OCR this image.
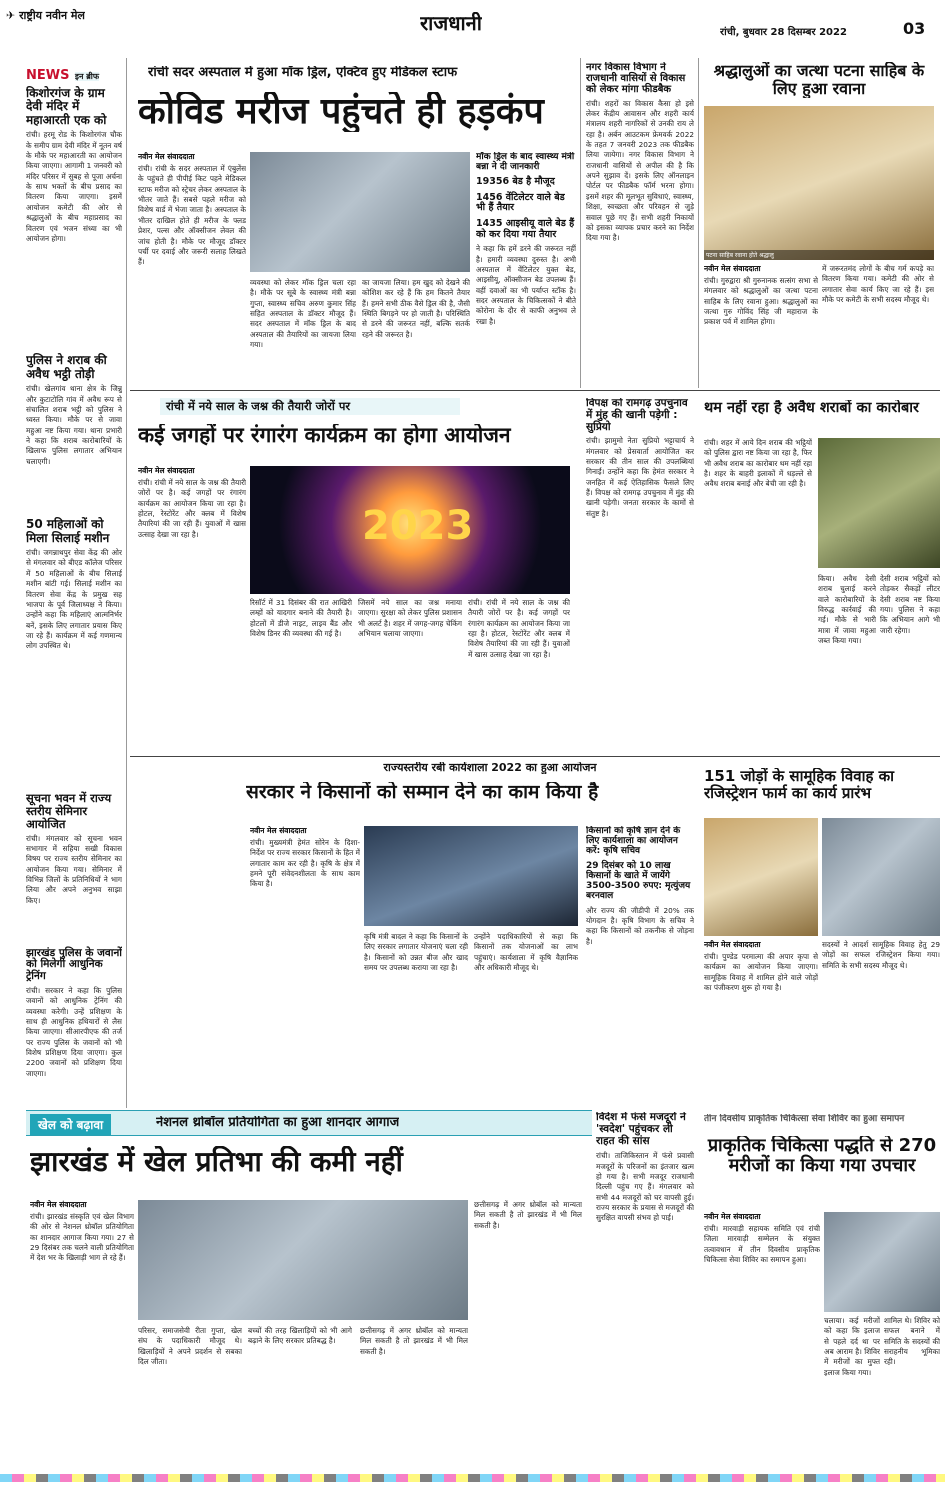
✈ राष्ट्रीय नवीन मेल	राजधानी	रांची, बुधवार 28 दिसम्बर 2022	03
NEWS इन ब्रीफ
किशोरगंज के ग्राम देवी मंदिर में महाआरती एक को
रांची। हरमू रोड के किशोरगंज चौक के समीप ग्राम देवी मंदिर में नूतन वर्ष के मौके पर महाआरती का आयोजन किया जाएगा। आगामी 1 जनवरी को मंदिर परिसर में सुबह से पूजा अर्चना के साथ भक्तों के बीच प्रसाद का वितरण किया जाएगा। इसमें आयोजन कमेटी की ओर से श्रद्धालुओं के बीच महाप्रसाद का वितरण एवं भजन संध्या का भी आयोजन होगा।
पुलिस ने शराब की अवैध भट्ठी तोड़ी
रांची। खेलगांव थाना क्षेत्र के जिन्नु और कुटाटोलि गांव में अवैध रूप से संचालित शराब भट्ठी को पुलिस ने ध्वस्त किया। मौके पर से जावा महुआ नष्ट किया गया। थाना प्रभारी ने कहा कि शराब कारोबारियों के खिलाफ पुलिस लगातार अभियान चलाएगी।
50 महिलाओं को मिला सिलाई मशीन
रांची। जगन्नाथपुर सेवा केंद्र की ओर से मंगलवार को बीएड कॉलेज परिसर में 50 महिलाओं के बीच सिलाई मशीन बांटी गई। सिलाई मशीन का वितरण सेवा केंद्र के प्रमुख सह भाजपा के पूर्व जिलाध्यक्ष ने किया। उन्होंने कहा कि महिलाएं आत्मनिर्भर बनें, इसके लिए लगातार प्रयास किए जा रहे हैं। कार्यक्रम में कई गणमान्य लोग उपस्थित थे।
सूचना भवन में राज्य स्तरीय सेमिनार आयोजित
रांची। मंगलवार को सूचना भवन सभागार में सहिया सखी विकास विषय पर राज्य स्तरीय सेमिनार का आयोजन किया गया। सेमिनार में विभिन्न जिलों के प्रतिनिधियों ने भाग लिया और अपने अनुभव साझा किए।
झारखंड पुलिस के जवानों को मिलेगी आधुनिक ट्रेनिंग
रांची। सरकार ने कहा कि पुलिस जवानों को आधुनिक ट्रेनिंग की व्यवस्था करेगी। उन्हें प्रशिक्षण के साथ ही आधुनिक हथियारों से लैस किया जाएगा। सीआरपीएफ की तर्ज पर राज्य पुलिस के जवानों को भी विशेष प्रशिक्षण दिया जाएगा। कुल 2200 जवानों को प्रशिक्षण दिया जाएगा।
रांची सदर अस्पताल में हुआ मॉक ड्रिल, एक्टिव हुए मेडिकल स्टाफ
कोविड मरीज पहुंचते ही हड़कंप
नवीन मेल संवाददाता
रांची। रांची के सदर अस्पताल में एंबुलेंस के पहुंचते ही पीपीई किट पहने मेडिकल स्टाफ मरीज को स्ट्रेचर लेकर अस्पताल के भीतर जाते हैं। सबसे पहले मरीज को विशेष वार्ड में भेजा जाता है। अस्पताल के भीतर दाखिल होते ही मरीज के फ्लड प्रेशर, पल्स और ऑक्सीजन लेवल की जांच होती है। मौके पर मौजूद डॉक्टर पर्ची पर दवाई और जरूरी सलाह लिखते हैं।
व्यवस्था को लेकर मॉक ड्रिल चला रहा है। मौके पर सूबे के स्वास्थ्य मंत्री बन्ना गुप्ता, स्वास्थ्य सचिव अरुण कुमार सिंह सहित अस्पताल के डॉक्टर मौजूद हैं। सदर अस्पताल में मॉक ड्रिल के बाद अस्पताल की तैयारियों का जायजा लिया गया।
का जायजा लिया। हम खुद को देखने की कोशिश कर रहे हैं कि हम कितने तैयार हैं। हमने सभी ठीक वैसे ड्रिल की है, जैसी स्थिति बिगड़ने पर हो जाती है। परिस्थिति से डरने की जरूरत नहीं, बल्कि सतर्क रहने की जरूरत है।
मॉक ड्रिल के बाद स्वास्थ्य मंत्री बन्ना ने दी जानकारी
19356 बेड है मौजूद
1456 वेंटिलेटर वाले बेड भी हैं तैयार
1435 आइसीयू वाले बेड हैं को कर दिया गया तैयार
ने कहा कि हमें डरने की जरूरत नहीं है। हमारी व्यवस्था दुरुस्त है। अभी अस्पताल में वेंटिलेटर युक्त बेड, आइसीयू, ऑक्सीजन बेड उपलब्ध हैं। वहीं दवाओं का भी पर्याप्त स्टॉक है। सदर अस्पताल के चिकित्सकों ने बीते कोरोना के दौर से काफी अनुभव ले रखा है।
नगर विकास विभाग ने राजधानी वासियों से विकास को लेकर मांगा फीडबैक
रांची। शहरों का विकास कैसा हो इसे लेकर केंद्रीय आवासन और शहरी कार्य मंत्रालय शहरी नागरिकों से उनकी राय ले रहा है। अर्बन आउटकम फ्रेमवर्क 2022 के तहत 7 जनवरी 2023 तक फीडबैक लिया जायेगा। नगर विकास विभाग ने राजधानी वासियों से अपील की है कि अपने सुझाव दें। इसके लिए ऑनलाइन पोर्टल पर फीडबैक फॉर्म भरना होगा। इसमें शहर की मूलभूत सुविधाएं, स्वास्थ्य, शिक्षा, स्वच्छता और परिवहन से जुड़े सवाल पूछे गए हैं। सभी शहरी निकायों को इसका व्यापक प्रचार करने का निर्देश दिया गया है।
श्रद्धालुओं का जत्था पटना साहिब के लिए हुआ रवाना
पटना साहिब रवाना होते श्रद्धालु
नवीन मेल संवाददाता
रांची। गुरुद्वारा श्री गुरुनानक सत्संग सभा से मंगलवार को श्रद्धालुओं का जत्था पटना साहिब के लिए रवाना हुआ। श्रद्धालुओं का जत्था गुरु गोविंद सिंह जी महाराज के प्रकाश पर्व में शामिल होगा।
में जरूरतमंद लोगों के बीच गर्म कपड़े का वितरण किया गया। कमेटी की ओर से लगातार सेवा कार्य किए जा रहे हैं। इस मौके पर कमेटी के सभी सदस्य मौजूद थे।
रांची में नये साल के जश्न की तैयारी जोरों पर
कई जगहों पर रंगारंग कार्यक्रम का होगा आयोजन
नवीन मेल संवाददाता
रांची। रांची में नये साल के जश्न की तैयारी जोरों पर है। कई जगहों पर रंगारंग कार्यक्रम का आयोजन किया जा रहा है। होटल, रेस्टोरेंट और क्लब में विशेष तैयारियां की जा रही हैं। युवाओं में खास उत्साह देखा जा रहा है।	2023
रिसॉर्ट में 31 दिसंबर की रात आखिरी लम्हों को यादगार बनाने की तैयारी है। होटलों में डीजे नाइट, लाइव बैंड और विशेष डिनर की व्यवस्था की गई है।
जिसमें नये साल का जश्न मनाया जाएगा। सुरक्षा को लेकर पुलिस प्रशासन भी अलर्ट है। शहर में जगह-जगह चेकिंग अभियान चलाया जाएगा।
रांची। रांची में नये साल के जश्न की तैयारी जोरों पर है। कई जगहों पर रंगारंग कार्यक्रम का आयोजन किया जा रहा है। होटल, रेस्टोरेंट और क्लब में विशेष तैयारियां की जा रही हैं। युवाओं में खास उत्साह देखा जा रहा है।
विपक्ष को रामगढ़ उपचुनाव में मुंह की खानी पड़ेगी : सुप्रियो
रांची। झामुमो नेता सुप्रियो भट्टाचार्य ने मंगलवार को प्रेसवार्ता आयोजित कर सरकार की तीन साल की उपलब्धियां गिनाईं। उन्होंने कहा कि हेमंत सरकार ने जनहित में कई ऐतिहासिक फैसले लिए हैं। विपक्ष को रामगढ़ उपचुनाव में मुंह की खानी पड़ेगी। जनता सरकार के कामों से संतुष्ट है।
थम नहीं रहा है अवैध शराबों का कारोबार
रांची। शहर में आये दिन शराब की भट्ठियों को पुलिस द्वारा नष्ट किया जा रहा है, फिर भी अवैध शराब का कारोबार थम नहीं रहा है। शहर के बाहरी इलाकों में धड़ल्ले से अवैध शराब बनाई और बेची जा रही है।
किया। अवैध देसी शराब चुलाई करने वाले कारोबारियों के विरुद्ध कार्रवाई की गई। मौके से भारी मात्रा में जावा महुआ जब्त किया गया।
देसी शराब भट्ठियों को तोड़कर सैकड़ों लीटर देसी शराब नष्ट किया गया। पुलिस ने कहा कि अभियान आगे भी जारी रहेगा।
राज्यस्तरीय रबी कार्यशाला 2022 का हुआ आयोजन
सरकार ने किसानों को सम्मान देने का काम किया है
नवीन मेल संवाददाता
रांची। मुख्यमंत्री हेमंत सोरेन के दिशा-निर्देश पर राज्य सरकार किसानों के हित में लगातार काम कर रही है। कृषि के क्षेत्र में हमने पूरी संवेदनशीलता के साथ काम किया है।
कृषि मंत्री बादल ने कहा कि किसानों के लिए सरकार लगातार योजनाएं चला रही है। किसानों को उन्नत बीज और खाद समय पर उपलब्ध कराया जा रहा है।
उन्होंने पदाधिकारियों से कहा कि किसानों तक योजनाओं का लाभ पहुंचाएं। कार्यशाला में कृषि वैज्ञानिक और अधिकारी मौजूद थे।
किसानों को कृषि ज्ञान देने के लिए कार्यशाला का आयोजन करें: कृषि सचिव
29 दिसंबर को 10 लाख किसानों के खाते में जायेंगे 3500-3500 रुपए: मृत्युंजय बरनवाल
और राज्य की जीडीपी में 20% तक योगदान है। कृषि विभाग के सचिव ने कहा कि किसानों को तकनीक से जोड़ना है।
151 जोड़ों के सामूहिक विवाह का रजिस्ट्रेशन फार्म का कार्य प्रारंभ
नवीन मेल संवाददाता
रांची। पुण्डेड परमात्मा की अपार कृपा से कार्यक्रम का आयोजन किया जाएगा। सामूहिक विवाह में शामिल होने वाले जोड़ों का पंजीकरण शुरू हो गया है।
सदस्यों ने आदर्श सामूहिक विवाह हेतु 29 जोड़ों का सफल रजिस्ट्रेशन किया गया। समिति के सभी सदस्य मौजूद थे।
खेल को बढ़ावा	नेशनल थ्रोबॉल प्रतियोगिता का हुआ शानदार आगाज
झारखंड में खेल प्रतिभा की कमी नहीं
नवीन मेल संवाददाता
रांची। झारखंड संस्कृति एवं खेल विभाग की ओर से नेशनल थ्रोबॉल प्रतियोगिता का शानदार आगाज किया गया। 27 से 29 दिसंबर तक चलने वाली प्रतियोगिता में देश भर के खिलाड़ी भाग ले रहे हैं।
परिसर, समाजसेवी रीता गुप्ता, खेल संघ के पदाधिकारी मौजूद थे। खिलाड़ियों ने अपने प्रदर्शन से सबका दिल जीता।
बच्चों की तरह खिलाड़ियों को भी आगे बढ़ाने के लिए सरकार प्रतिबद्ध है।
छत्तीसगढ़ में अगर थ्रोबॉल को मान्यता मिल सकती है तो झारखंड में भी मिल सकती है।
छत्तीसगढ़ में अगर थ्रोबॉल को मान्यता मिल सकती है तो झारखंड में भी मिल सकती है।
विदेश में फंसे मजदूरों ने 'स्वदेश' पहुंचकर ली राहत की सांस
रांची। ताजिकिस्तान में फंसे प्रवासी मजदूरों के परिजनों का इंतजार खत्म हो गया है। सभी मजदूर राजधानी दिल्ली पहुंच गए हैं। मंगलवार को सभी 44 मजदूरों को घर वापसी हुई। राज्य सरकार के प्रयास से मजदूरों की सुरक्षित वापसी संभव हो पाई।
तीन दिवसीय प्राकृतिक चिकित्सा सेवा शिविर का हुआ समापन
प्राकृतिक चिकित्सा पद्धति से 270 मरीजों का किया गया उपचार
नवीन मेल संवाददाता
रांची। मारवाड़ी सहायक समिति एवं रांची जिला मारवाड़ी सम्मेलन के संयुक्त तत्वावधान में तीन दिवसीय प्राकृतिक चिकित्सा सेवा शिविर का समापन हुआ।
चलाया। कई मरीजों को कहा कि इलाज से पहले दर्द था पर अब आराम है। शिविर में मरीजों का मुफ्त इलाज किया गया।
शामिल थे। शिविर को सफल बनाने में समिति के सदस्यों की सराहनीय भूमिका रही।
